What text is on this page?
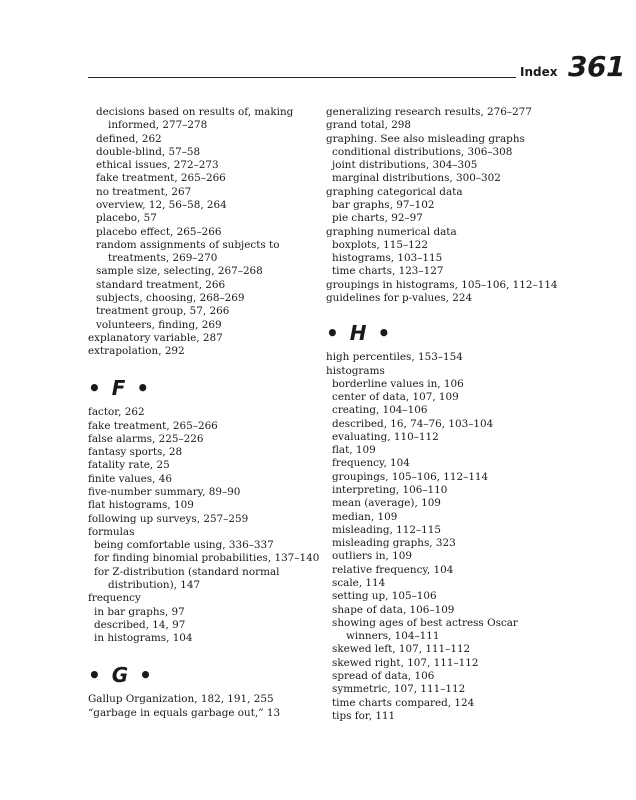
Index 361
decisions based on results of, making
informed, 277–278
defined, 262
double-blind, 57–58
ethical issues, 272–273
fake treatment, 265–266
no treatment, 267
overview, 12, 56–58, 264
placebo, 57
placebo effect, 265–266
random assignments of subjects to
treatments, 269–270
sample size, selecting, 267–268
standard treatment, 266
subjects, choosing, 268–269
treatment group, 57, 266
volunteers, finding, 269
explanatory variable, 287
extrapolation, 292
• F •
factor, 262
fake treatment, 265–266
false alarms, 225–226
fantasy sports, 28
fatality rate, 25
finite values, 46
five-number summary, 89–90
flat histograms, 109
following up surveys, 257–259
formulas
being comfortable using, 336–337
for finding binomial probabilities, 137–140
for Z-distribution (standard normal
distribution), 147
frequency
in bar graphs, 97
described, 14, 97
in histograms, 104
• G •
Gallup Organization, 182, 191, 255
“garbage in equals garbage out,” 13
generalizing research results, 276–277
grand total, 298
graphing. See also misleading graphs
conditional distributions, 306–308
joint distributions, 304–305
marginal distributions, 300–302
graphing categorical data
bar graphs, 97–102
pie charts, 92–97
graphing numerical data
boxplots, 115–122
histograms, 103–115
time charts, 123–127
groupings in histograms, 105–106, 112–114
guidelines for p-values, 224
• H •
high percentiles, 153–154
histograms
borderline values in, 106
center of data, 107, 109
creating, 104–106
described, 16, 74–76, 103–104
evaluating, 110–112
flat, 109
frequency, 104
groupings, 105–106, 112–114
interpreting, 106–110
mean (average), 109
median, 109
misleading, 112–115
misleading graphs, 323
outliers in, 109
relative frequency, 104
scale, 114
setting up, 105–106
shape of data, 106–109
showing ages of best actress Oscar
winners, 104–111
skewed left, 107, 111–112
skewed right, 107, 111–112
spread of data, 106
symmetric, 107, 111–112
time charts compared, 124
tips for, 111
